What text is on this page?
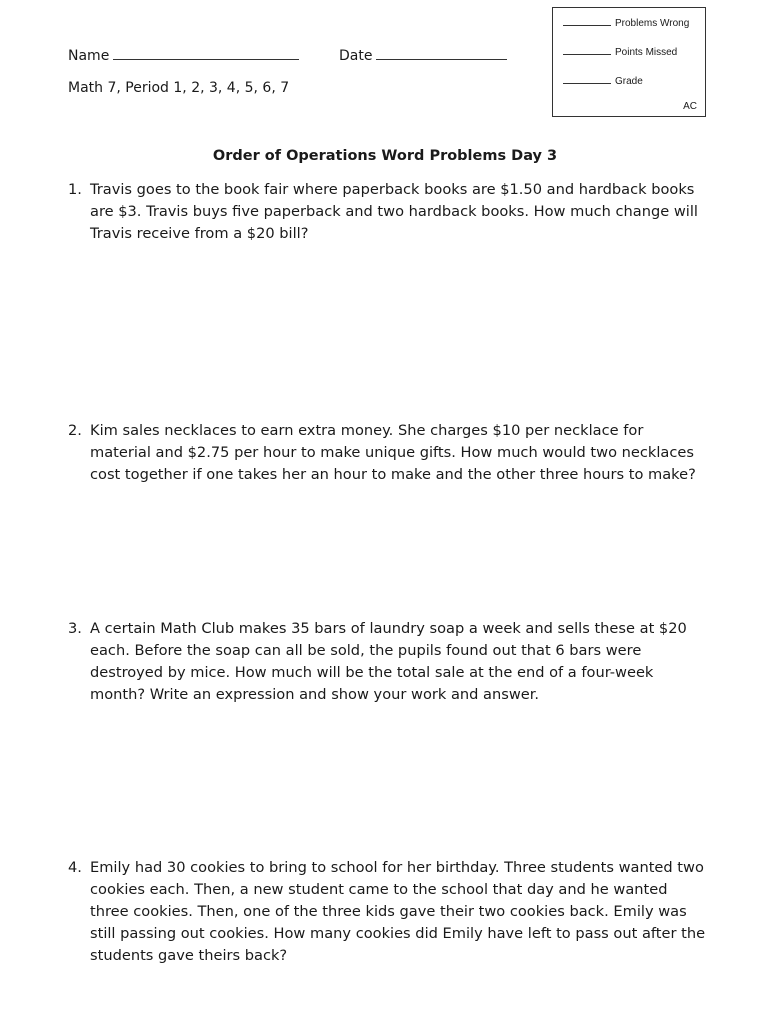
Problems Wrong
Points Missed
Grade
AC
Name	Date
Math 7, Period 1, 2, 3, 4, 5, 6, 7
Order of Operations Word Problems Day 3
1. Travis goes to the book fair where paperback books are $1.50 and hardback books are $3. Travis buys five paperback and two hardback books. How much change will Travis receive from a $20 bill?
2. Kim sales necklaces to earn extra money. She charges $10 per necklace for material and $2.75 per hour to make unique gifts. How much would two necklaces cost together if one takes her an hour to make and the other three hours to make?
3. A certain Math Club makes 35 bars of laundry soap a week and sells these at $20 each. Before the soap can all be sold, the pupils found out that 6 bars were destroyed by mice. How much will be the total sale at the end of a four-week month? Write an expression and show your work and answer.
4. Emily had 30 cookies to bring to school for her birthday. Three students wanted two cookies each. Then, a new student came to the school that day and he wanted three cookies. Then, one of the three kids gave their two cookies back. Emily was still passing out cookies. How many cookies did Emily have left to pass out after the students gave theirs back?
